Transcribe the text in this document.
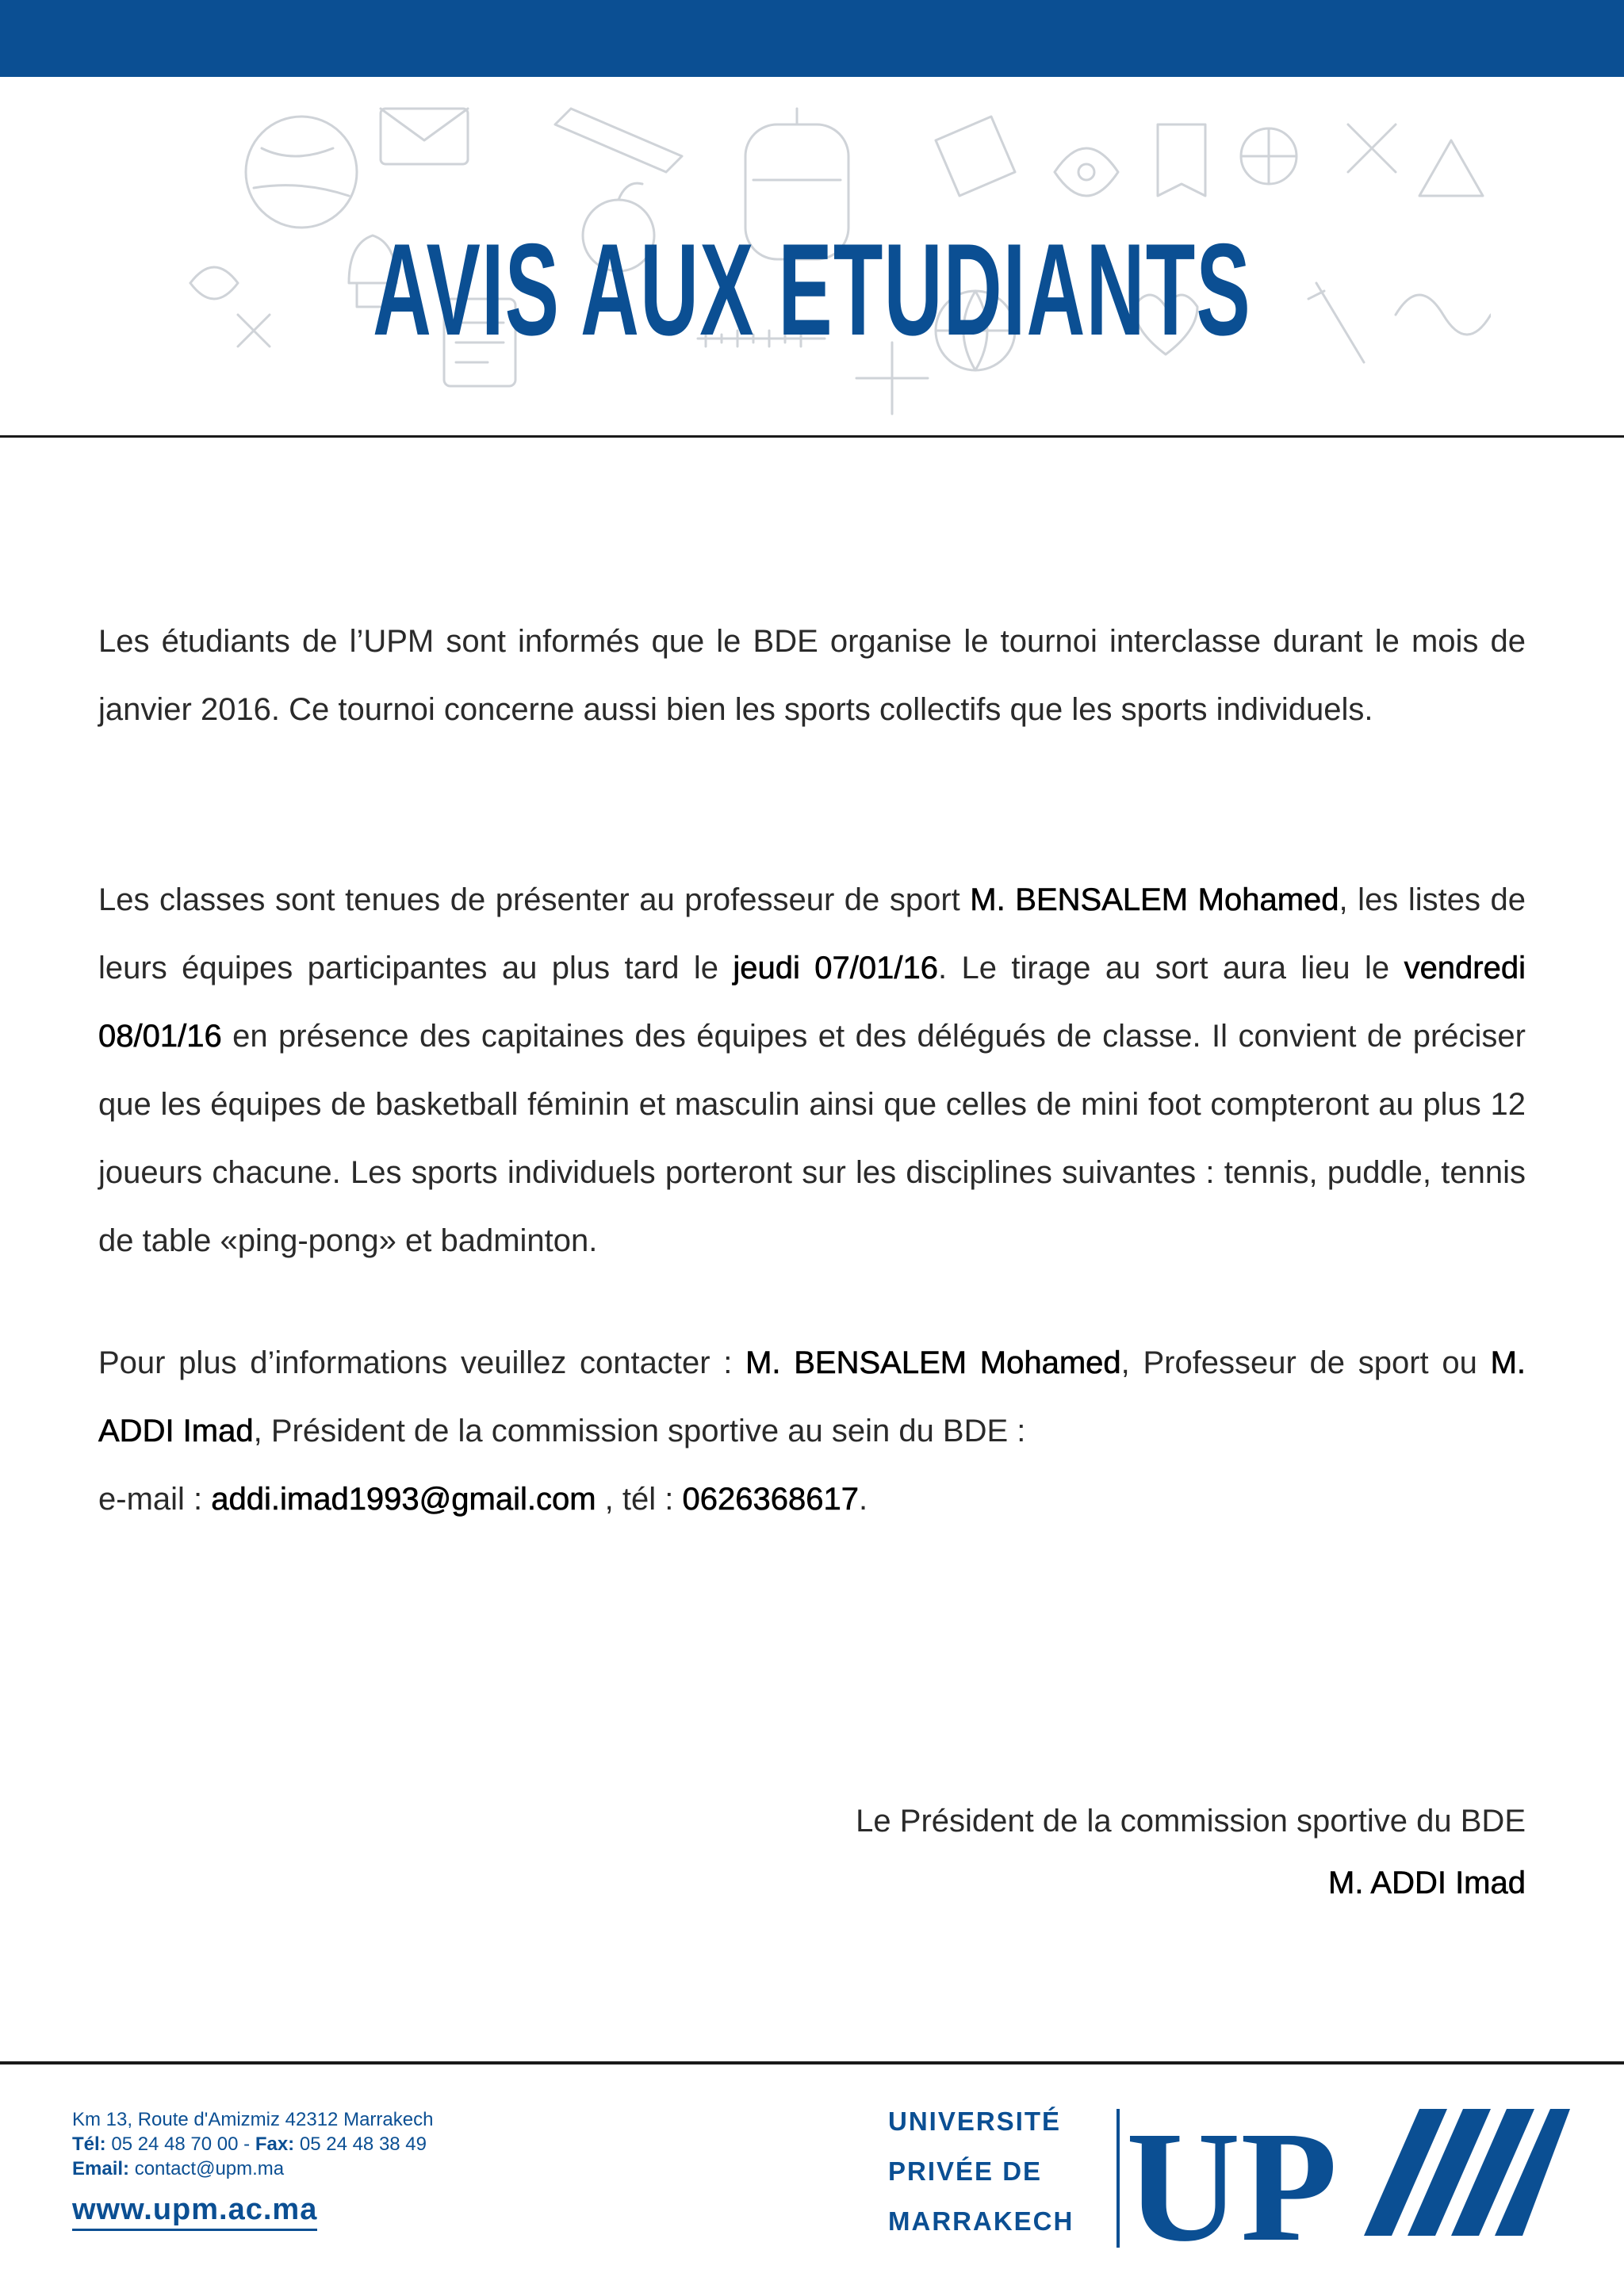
AVIS AUX ETUDIANTS

Les étudiants de l’UPM sont informés que le BDE organise le tournoi interclasse durant le mois de janvier 2016. Ce tournoi concerne aussi bien les sports collectifs que les sports individuels.

Les classes sont tenues de présenter au professeur de sport M. BENSALEM Mohamed, les listes de leurs équipes participantes au plus tard le jeudi 07/01/16. Le tirage au sort aura lieu le vendredi 08/01/16 en présence des capitaines des équipes et des délégués de classe. Il convient de préciser que les équipes de basketball féminin et masculin ainsi que celles de mini foot compteront au plus 12 joueurs chacune. Les sports individuels porteront sur les disciplines suivantes : tennis, puddle, tennis de table «ping-pong» et badminton.

Pour plus d’informations veuillez contacter : M. BENSALEM Mohamed, Professeur de sport ou M. ADDI Imad, Président de la commission sportive au sein du BDE :
e-mail : addi.imad1993@gmail.com , tél : 0626368617.

Le Président de la commission sportive du BDE
M. ADDI Imad
Km 13, Route d'Amizmiz 42312 Marrakech
Tél: 05 24 48 70 00 - Fax: 05 24 48 38 49
Email: contact@upm.ma
www.upm.ac.ma
UNIVERSITÉ
PRIVÉE DE
MARRAKECH UP
